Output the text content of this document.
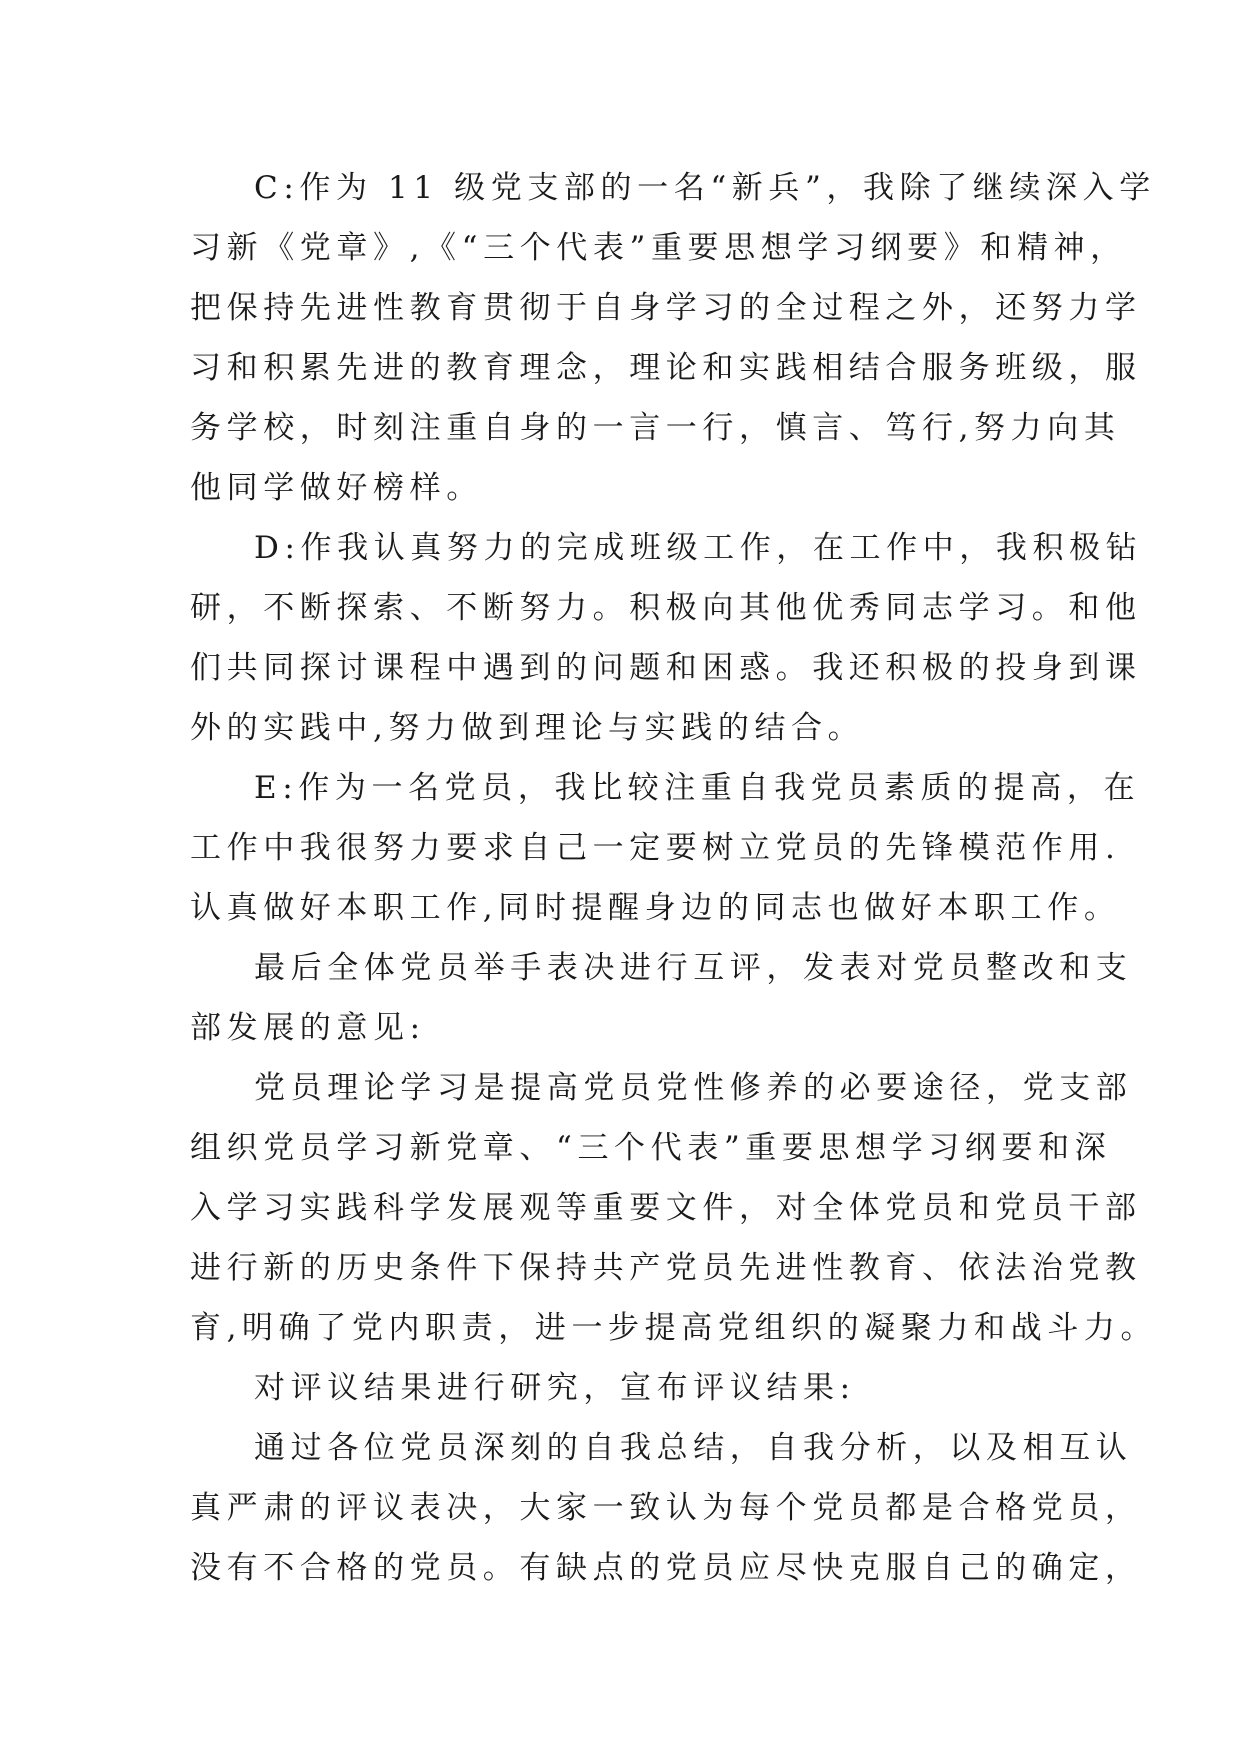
C:作为 11 级党支部的一名“新兵”，我除了继续深入学
习新《党章》,《“三个代表”重要思想学习纲要》和精神，
把保持先进性教育贯彻于自身学习的全过程之外，还努力学
习和积累先进的教育理念，理论和实践相结合服务班级，服
务学校，时刻注重自身的一言一行，慎言、笃行,努力向其
他同学做好榜样。

D:作我认真努力的完成班级工作，在工作中，我积极钻
研，不断探索、不断努力。积极向其他优秀同志学习。和他
们共同探讨课程中遇到的问题和困惑。我还积极的投身到课
外的实践中,努力做到理论与实践的结合。

E:作为一名党员，我比较注重自我党员素质的提高，在
工作中我很努力要求自己一定要树立党员的先锋模范作用.
认真做好本职工作,同时提醒身边的同志也做好本职工作。

最后全体党员举手表决进行互评，发表对党员整改和支
部发展的意见:

党员理论学习是提高党员党性修养的必要途径，党支部
组织党员学习新党章、“三个代表”重要思想学习纲要和深
入学习实践科学发展观等重要文件，对全体党员和党员干部
进行新的历史条件下保持共产党员先进性教育、依法治党教
育,明确了党内职责，进一步提高党组织的凝聚力和战斗力。

对评议结果进行研究，宣布评议结果:

通过各位党员深刻的自我总结，自我分析，以及相互认
真严肃的评议表决，大家一致认为每个党员都是合格党员，
没有不合格的党员。有缺点的党员应尽快克服自己的确定，
